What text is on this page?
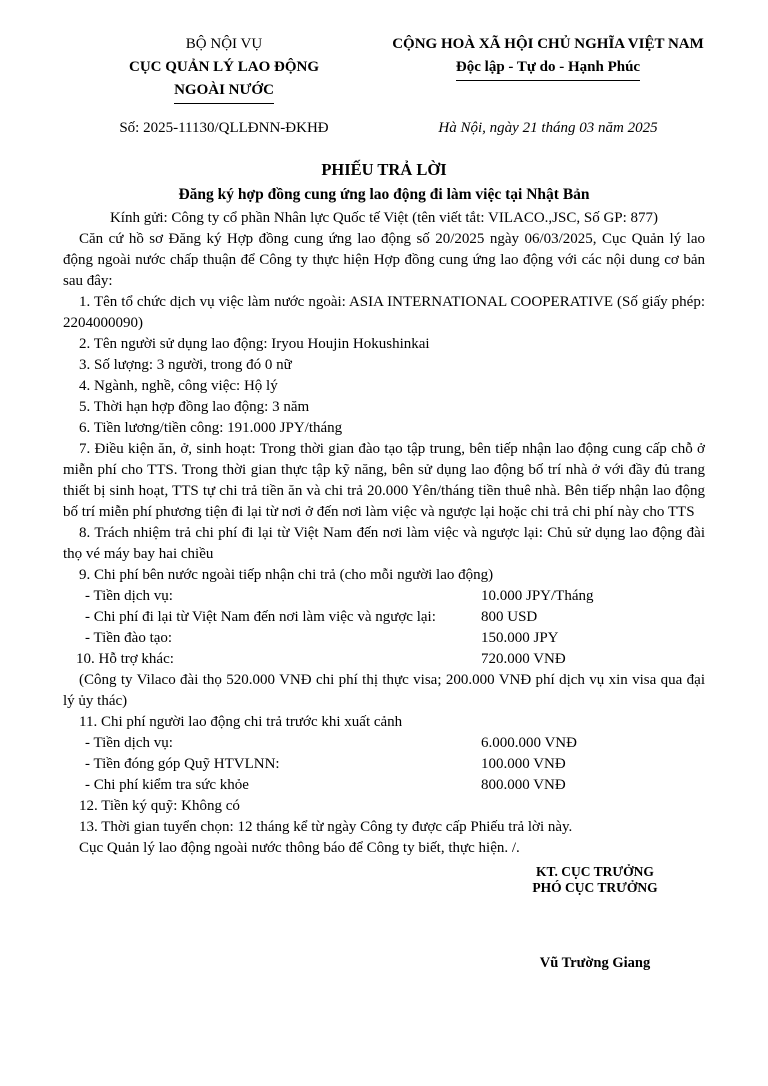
BỘ NỘI VỤ
CỤC QUẢN LÝ LAO ĐỘNG
NGOÀI NƯỚC
CỘNG HOÀ XÃ HỘI CHỦ NGHĨA VIỆT NAM
Độc lập - Tự do - Hạnh Phúc
Số: 2025-11130/QLLĐNN-ĐKHĐ	Hà Nội, ngày 21 tháng 03 năm 2025
PHIẾU TRẢ LỜI
Đăng ký hợp đồng cung ứng lao động đi làm việc tại Nhật Bản
Kính gửi: Công ty cổ phần Nhân lực Quốc tế Việt (tên viết tắt: VILACO.,JSC, Số GP: 877)

Căn cứ hồ sơ Đăng ký Hợp đồng cung ứng lao động số 20/2025 ngày 06/03/2025, Cục Quản lý lao động ngoài nước chấp thuận để Công ty thực hiện Hợp đồng cung ứng lao động với các nội dung cơ bản sau đây:

1. Tên tổ chức dịch vụ việc làm nước ngoài: ASIA INTERNATIONAL COOPERATIVE (Số giấy phép: 2204000090)

2. Tên người sử dụng lao động: Iryou Houjin Hokushinkai

3. Số lượng: 3 người, trong đó 0 nữ

4. Ngành, nghề, công việc: Hộ lý

5. Thời hạn hợp đồng lao động: 3 năm

6. Tiền lương/tiền công: 191.000 JPY/tháng

7. Điều kiện ăn, ở, sinh hoạt: Trong thời gian đào tạo tập trung, bên tiếp nhận lao động cung cấp chỗ ở miễn phí cho TTS. Trong thời gian thực tập kỹ năng, bên sử dụng lao động bố trí nhà ở với đầy đủ trang thiết bị sinh hoạt, TTS tự chi trả tiền ăn và chi trả 20.000 Yên/tháng tiền thuê nhà. Bên tiếp nhận lao động bố trí miễn phí phương tiện đi lại từ nơi ở đến nơi làm việc và ngược lại hoặc chi trả chi phí này cho TTS

8. Trách nhiệm trả chi phí đi lại từ Việt Nam đến nơi làm việc và ngược lại: Chủ sử dụng lao động đài thọ vé máy bay hai chiều

9. Chi phí bên nước ngoài tiếp nhận chi trả (cho mỗi người lao động)

- Tiền dịch vụ:	10.000 JPY/Tháng
- Chi phí đi lại từ Việt Nam đến nơi làm việc và ngược lại:	800 USD
- Tiền đào tạo:	150.000 JPY
10. Hỗ trợ khác:	720.000 VNĐ

(Công ty Vilaco đài thọ 520.000 VNĐ chi phí thị thực visa; 200.000 VNĐ phí dịch vụ xin visa qua đại lý ủy thác)

11. Chi phí người lao động chi trả trước khi xuất cảnh

- Tiền dịch vụ:	6.000.000 VNĐ
- Tiền đóng góp Quỹ HTVLNN:	100.000 VNĐ
- Chi phí kiểm tra sức khỏe	800.000 VNĐ

12. Tiền ký quỹ: Không có

13. Thời gian tuyển chọn: 12 tháng kể từ ngày Công ty được cấp Phiếu trả lời này.

Cục Quản lý lao động ngoài nước thông báo để Công ty biết, thực hiện. /.

KT. CỤC TRƯỞNG
PHÓ CỤC TRƯỞNG
Vũ Trường Giang
